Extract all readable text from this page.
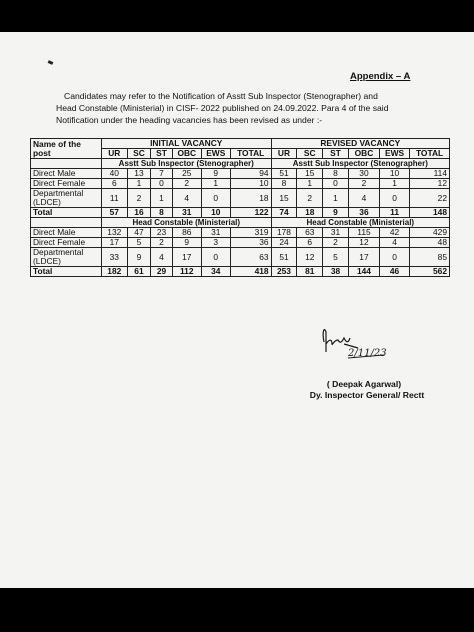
Appendix – A

Candidates may refer to the Notification of Asstt Sub Inspector (Stenographer) and

Head Constable (Ministerial) in CISF- 2022 published on 24.09.2022. Para 4 of the said

Notification under the heading vacancies has been revised as under :-

Name of the post	INITIAL VACANCY						REVISED VACANCY					
	UR	SC	ST	OBC	EWS	TOTAL	UR	SC	ST	OBC	EWS	TOTAL
	Asstt Sub Inspector (Stenographer)						Asstt Sub Inspector (Stenographer)					
Direct Male	40	13	7	25	9	94	51	15	8	30	10	114
Direct Female	6	1	0	2	1	10	8	1	0	2	1	12
Departmental (LDCE)	11	2	1	4	0	18	15	2	1	4	0	22
Total	57	16	8	31	10	122	74	18	9	36	11	148
	Head Constable (Ministerial)						Head Constable (Ministerial)					
Direct Male	132	47	23	86	31	319	178	63	31	115	42	429
Direct Female	17	5	2	9	3	36	24	6	2	12	4	48
Departmental (LDCE)	33	9	4	17	0	63	51	12	5	17	0	85
Total	182	61	29	112	34	418	253	81	38	144	46	562
2/11/23
( Deepak Agarwal)
Dy. Inspector General/ Rectt
